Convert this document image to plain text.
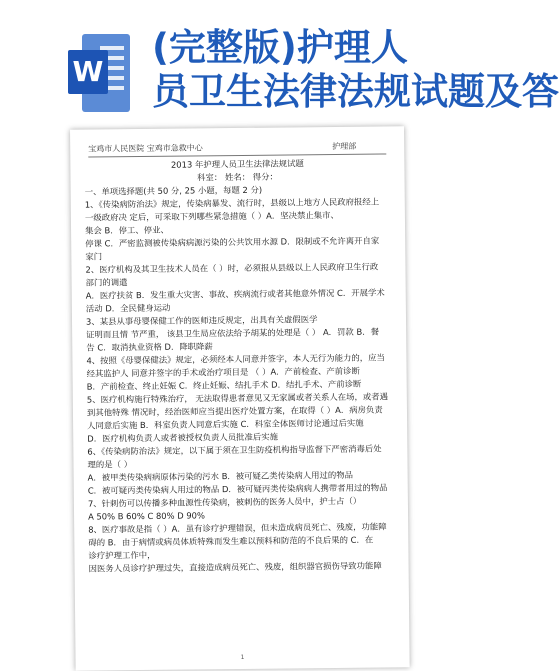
W
(完整版)护理人
员卫生法律法规试题及答
宝鸡市人民医院 宝鸡市急救中心	护理部
2013 年护理人员卫生法律法规试题
科室： 姓名： 得分：
一、单项选择题(共 50 分, 25 小题，每题 2 分)
1、《传染病防治法》规定，传染病暴发、流行时，县级以上地方人民政府报经上
一级政府决 定后，可采取下列哪些紧急措施（ ）A．坚决禁止集市、
集会 B．停工、停业、
停课 C．严密监测被传染病病源污染的公共饮用水源 D．限制或不允许离开自家
家门
2、医疗机构及其卫生技术人员在（ ）时，必须报从县级以上人民政府卫生行政
部门的调遣
A．医疗扶贫 B．发生重大灾害、事故、疾病流行或者其他意外情况 C．开展学术
活动 D．全民健身运动
3、某县从事母婴保健工作的医师违反规定，出具有关虚假医学
证明而且情 节严重， 该县卫生局应依法给予胡某的处理是（ ） A．罚款 B．餐
告 C．取消执业资格 D．降职降薪
4、按照《母婴保健法》规定，必须经本人同意并签字，本人无行为能力的，应当
经其监护人 同意并签字的手术或治疗项目是 （ ）A．产前检查、产前诊断
B．产前检查、终止妊娠 C．终止妊娠、结扎手术 D．结扎手术、产前诊断
5、医疗机构施行特殊治疗， 无法取得患者意见又无家属或者关系人在场，或者遇
到其他特殊 情况时，经治医师应当提出医疗处置方案，在取得（ ）A．病房负责
人同意后实施 B．科室负责人同意后实施 C．科室全体医师讨论通过后实施
D．医疗机构负责人或者被授权负责人员批准后实施
6、《传染病防治法》规定，以下属于须在卫生防疫机构指导监督下严密消毒后处
理的是（ ）
A．被甲类传染病病原体污染的污水 B．被可疑乙类传染病人用过的物品
C．被可疑丙类传染病人用过的物品 D．被可疑丙类传染病病人携带者用过的物品
7、针刺伤可以传播多种血源性传染病，被刺伤的医务人员中，护士占（）
A 50% B 60% C 80% D 90%
8、医疗事故是指（ ）A．虽有诊疗护理错误，但未造成病员死亡、残废，功能障
碍的 B．由于病情或病员体质特殊而发生难以预料和防范的不良后果的 C．在
诊疗护理工作中，
因医务人员诊疗护理过失，直接造成病员死亡、残废，组织器官损伤导致功能障
1
